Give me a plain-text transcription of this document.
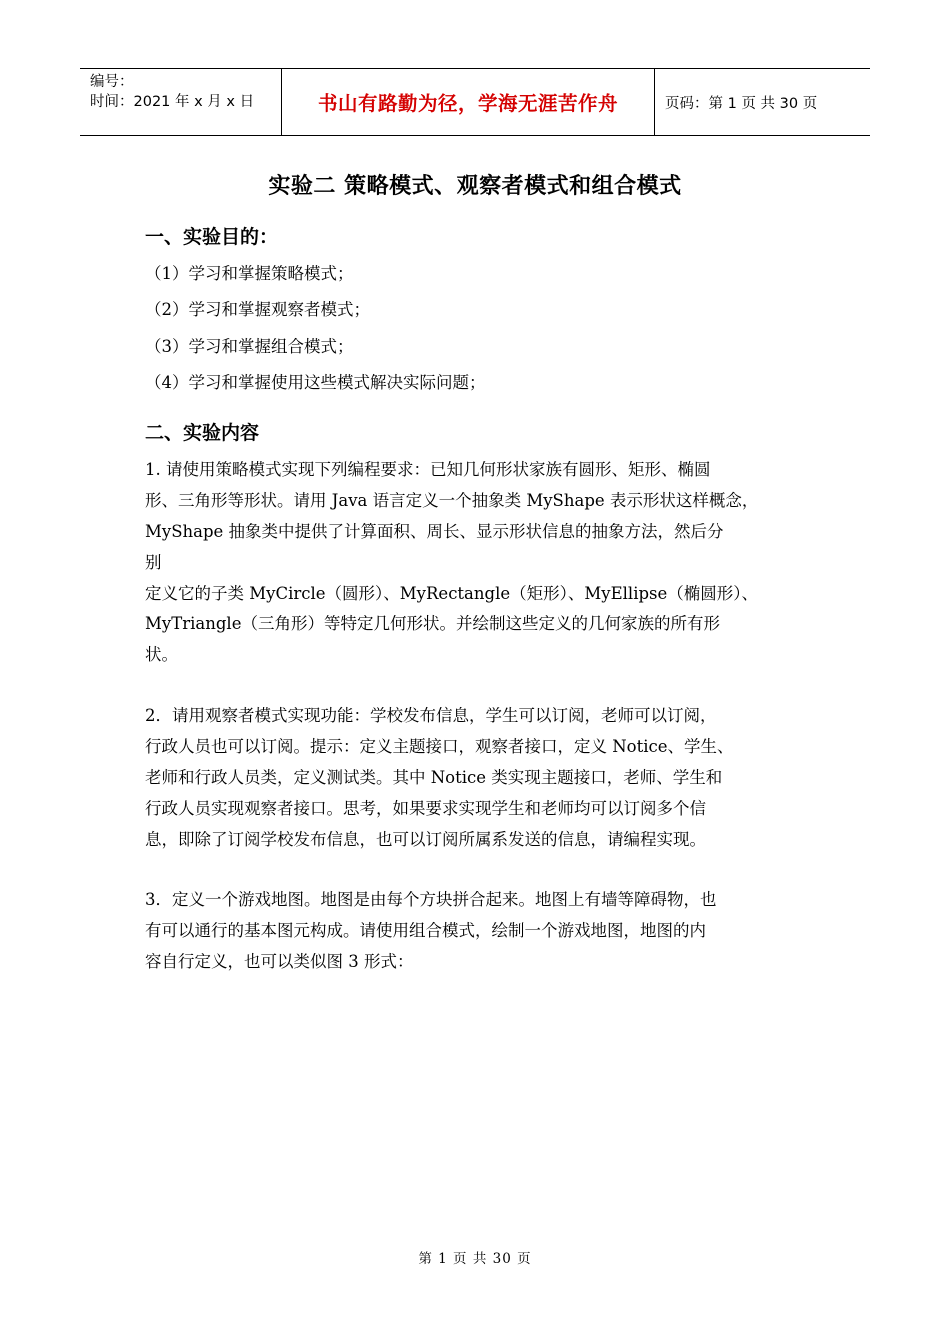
编号：
时间：2021 年 x 月 x 日	书山有路勤为径，学海无涯苦作舟	页码：第 1 页 共 30 页
实验二 策略模式、观察者模式和组合模式
一、实验目的：
（1）学习和掌握策略模式；
（2）学习和掌握观察者模式；
（3）学习和掌握组合模式；
（4）学习和掌握使用这些模式解决实际问题；
二、实验内容
1. 请使用策略模式实现下列编程要求：已知几何形状家族有圆形、矩形、椭圆
形、三角形等形状。请用 Java 语言定义一个抽象类 MyShape 表示形状这样概念，
MyShape 抽象类中提供了计算面积、周长、显示形状信息的抽象方法，然后分
别
定义它的子类 MyCircle（圆形）、MyRectangle（矩形）、MyEllipse（椭圆形）、
MyTriangle（三角形）等特定几何形状。并绘制这些定义的几何家族的所有形
状。
2．请用观察者模式实现功能：学校发布信息，学生可以订阅，老师可以订阅，
行政人员也可以订阅。提示：定义主题接口，观察者接口，定义 Notice、学生、
老师和行政人员类，定义测试类。其中 Notice 类实现主题接口，老师、学生和
行政人员实现观察者接口。思考，如果要求实现学生和老师均可以订阅多个信
息，即除了订阅学校发布信息，也可以订阅所属系发送的信息，请编程实现。
3．定义一个游戏地图。地图是由每个方块拼合起来。地图上有墙等障碍物，也
有可以通行的基本图元构成。请使用组合模式，绘制一个游戏地图，地图的内
容自行定义，也可以类似图 3 形式：
第 1 页 共 30 页
